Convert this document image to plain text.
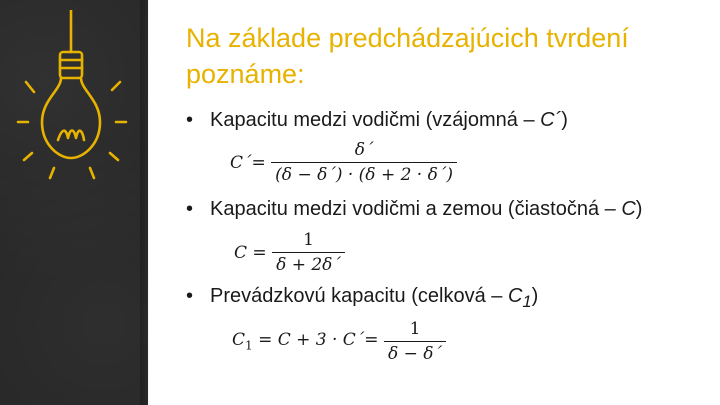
Na základe predchádzajúcich tvrdení poznáme:
• Kapacitu medzi vodičmi (vzájomná – C´)
C´= $\frac{\delta´}{(\delta - \delta´) \cdot (\delta + 2 \cdot \delta´)}$
• Kapacitu medzi vodičmi a zemou (čiastočná – C)
$C = \frac{1}{\delta + 2\delta´}$
• Prevádzkovú kapacitu (celková – $C_1$)
$C_1 = C + 3$ · C´= $\frac{1}{\delta - \delta´}$
